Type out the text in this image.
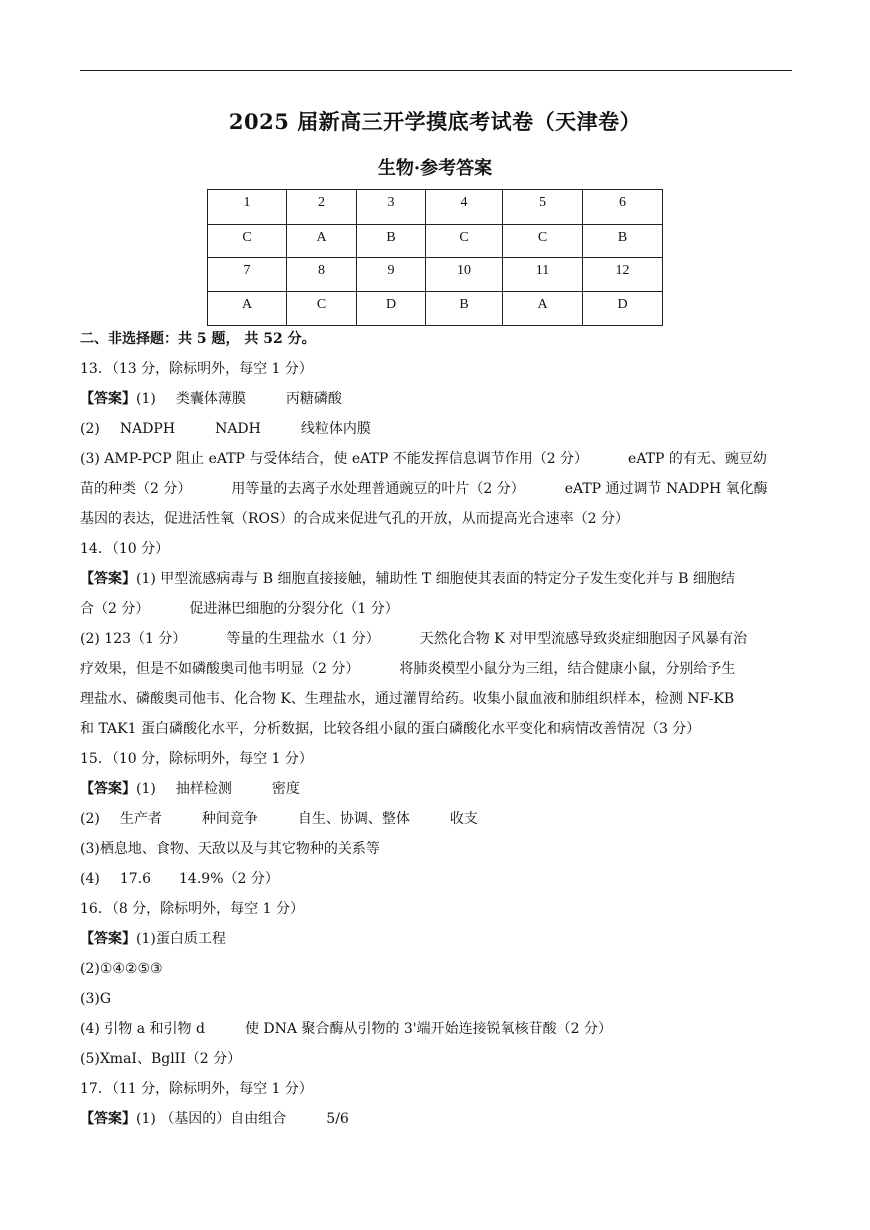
2025 届新高三开学摸底考试卷（天津卷）
生物·参考答案
1	2	3	4	5	6
C	A	B	C	C	B
7	8	9	10	11	12
A	C	D	B	A	D
二、非选择题：共 5 题， 共 52 分。
13．（13 分，除标明外，每空 1 分）
【答案】(1) 类囊体薄膜	丙糖磷酸
(2) NADPH	NADH	线粒体内膜
(3) AMP-PCP 阻止 eATP 与受体结合，使 eATP 不能发挥信息调节作用（2 分）	eATP 的有无、豌豆幼
苗的种类（2 分）	用等量的去离子水处理普通豌豆的叶片（2 分）	eATP 通过调节 NADPH 氧化酶
基因的表达，促进活性氧（ROS）的合成来促进气孔的开放，从而提高光合速率（2 分）
14．（10 分）
【答案】(1) 甲型流感病毒与 B 细胞直接接触，辅助性 T 细胞使其表面的特定分子发生变化并与 B 细胞结
合（2 分）	促进淋巴细胞的分裂分化（1 分）
(2) 123（1 分）	等量的生理盐水（1 分）	天然化合物 K 对甲型流感导致炎症细胞因子风暴有治
疗效果，但是不如磷酸奥司他韦明显（2 分）	将肺炎模型小鼠分为三组，结合健康小鼠，分别给予生
理盐水、磷酸奥司他韦、化合物 K、生理盐水，通过灌胃给药。收集小鼠血液和肺组织样本，检测 NF-KB
和 TAK1 蛋白磷酸化水平，分析数据，比较各组小鼠的蛋白磷酸化水平变化和病情改善情况（3 分）
15．（10 分，除标明外，每空 1 分）
【答案】(1) 抽样检测	密度
(2) 生产者	种间竞争	自生、协调、整体	收支
(3)栖息地、食物、天敌以及与其它物种的关系等
(4) 17.6 14.9%（2 分）
16．（8 分，除标明外，每空 1 分）
【答案】(1)蛋白质工程
(2)①④②⑤③
(3)G
(4) 引物 a 和引物 d	使 DNA 聚合酶从引物的 3'端开始连接锐氧核苷酸（2 分）
(5)XmaI、BglII（2 分）
17．（11 分，除标明外，每空 1 分）
【答案】(1) （基因的）自由组合	5/6
